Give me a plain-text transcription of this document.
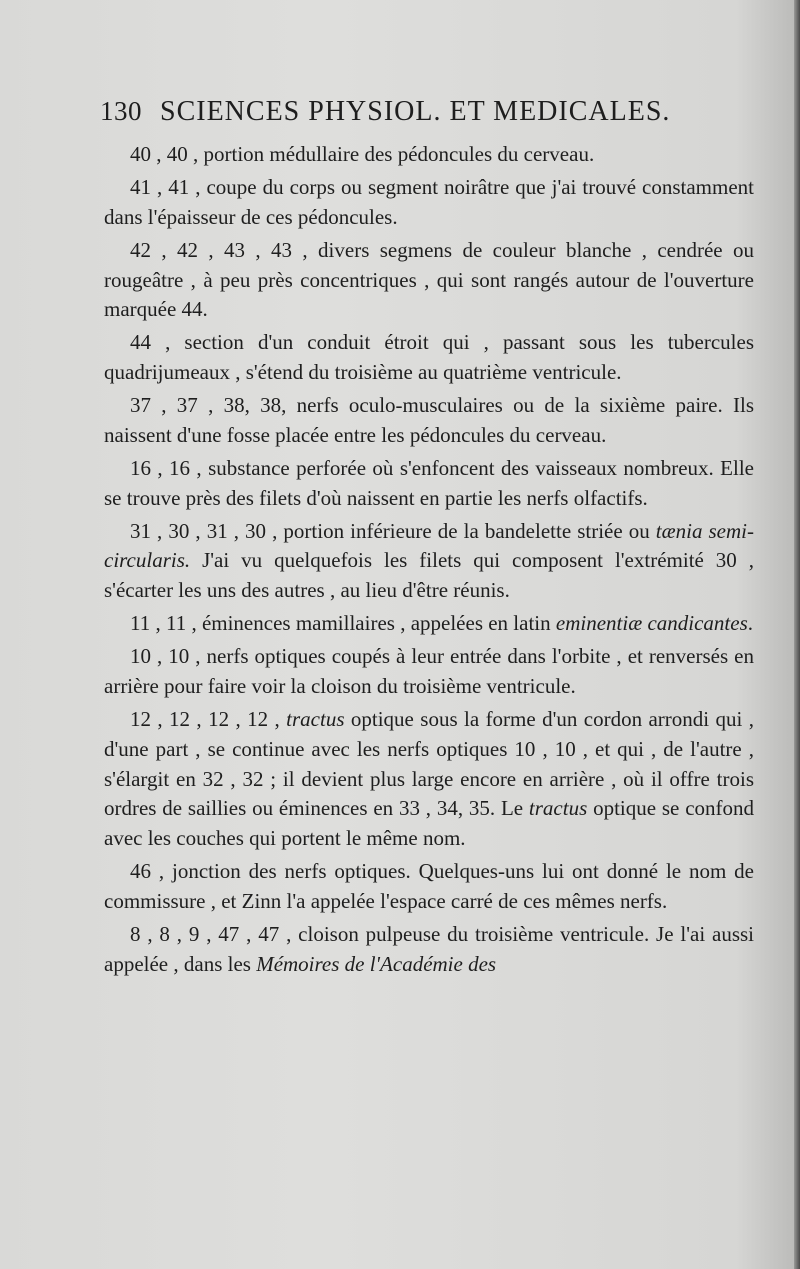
130 SCIENCES PHYSIOL. ET MEDICALES.

40 , 40 , portion médullaire des pédoncules du cerveau.

41 , 41 , coupe du corps ou segment noirâtre que j'ai trouvé constamment dans l'épaisseur de ces pédoncules.

42 , 42 , 43 , 43 , divers segmens de couleur blanche , cendrée ou rougeâtre , à peu près concentriques , qui sont rangés autour de l'ouverture marquée 44.

44 , section d'un conduit étroit qui , passant sous les tubercules quadrijumeaux , s'étend du troisième au quatrième ventricule.

37 , 37 , 38, 38, nerfs oculo-musculaires ou de la sixième paire. Ils naissent d'une fosse placée entre les pédoncules du cerveau.

16 , 16 , substance perforée où s'enfoncent des vaisseaux nombreux. Elle se trouve près des filets d'où naissent en partie les nerfs olfactifs.

31 , 30 , 31 , 30 , portion inférieure de la bandelette striée ou tænia semi-circularis. J'ai vu quelquefois les filets qui composent l'extrémité 30 , s'écarter les uns des autres , au lieu d'être réunis.

11 , 11 , éminences mamillaires , appelées en latin eminentiæ candicantes.

10 , 10 , nerfs optiques coupés à leur entrée dans l'orbite , et renversés en arrière pour faire voir la cloison du troisième ventricule.

12 , 12 , 12 , 12 , tractus optique sous la forme d'un cordon arrondi qui , d'une part , se continue avec les nerfs optiques 10 , 10 , et qui , de l'autre , s'élargit en 32 , 32 ; il devient plus large encore en arrière , où il offre trois ordres de saillies ou éminences en 33 , 34, 35. Le tractus optique se confond avec les couches qui portent le même nom.

46 , jonction des nerfs optiques. Quelques-uns lui ont donné le nom de commissure , et Zinn l'a appelée l'espace carré de ces mêmes nerfs.

8 , 8 , 9 , 47 , 47 , cloison pulpeuse du troisième ventricule. Je l'ai aussi appelée , dans les Mémoires de l'Académie des
